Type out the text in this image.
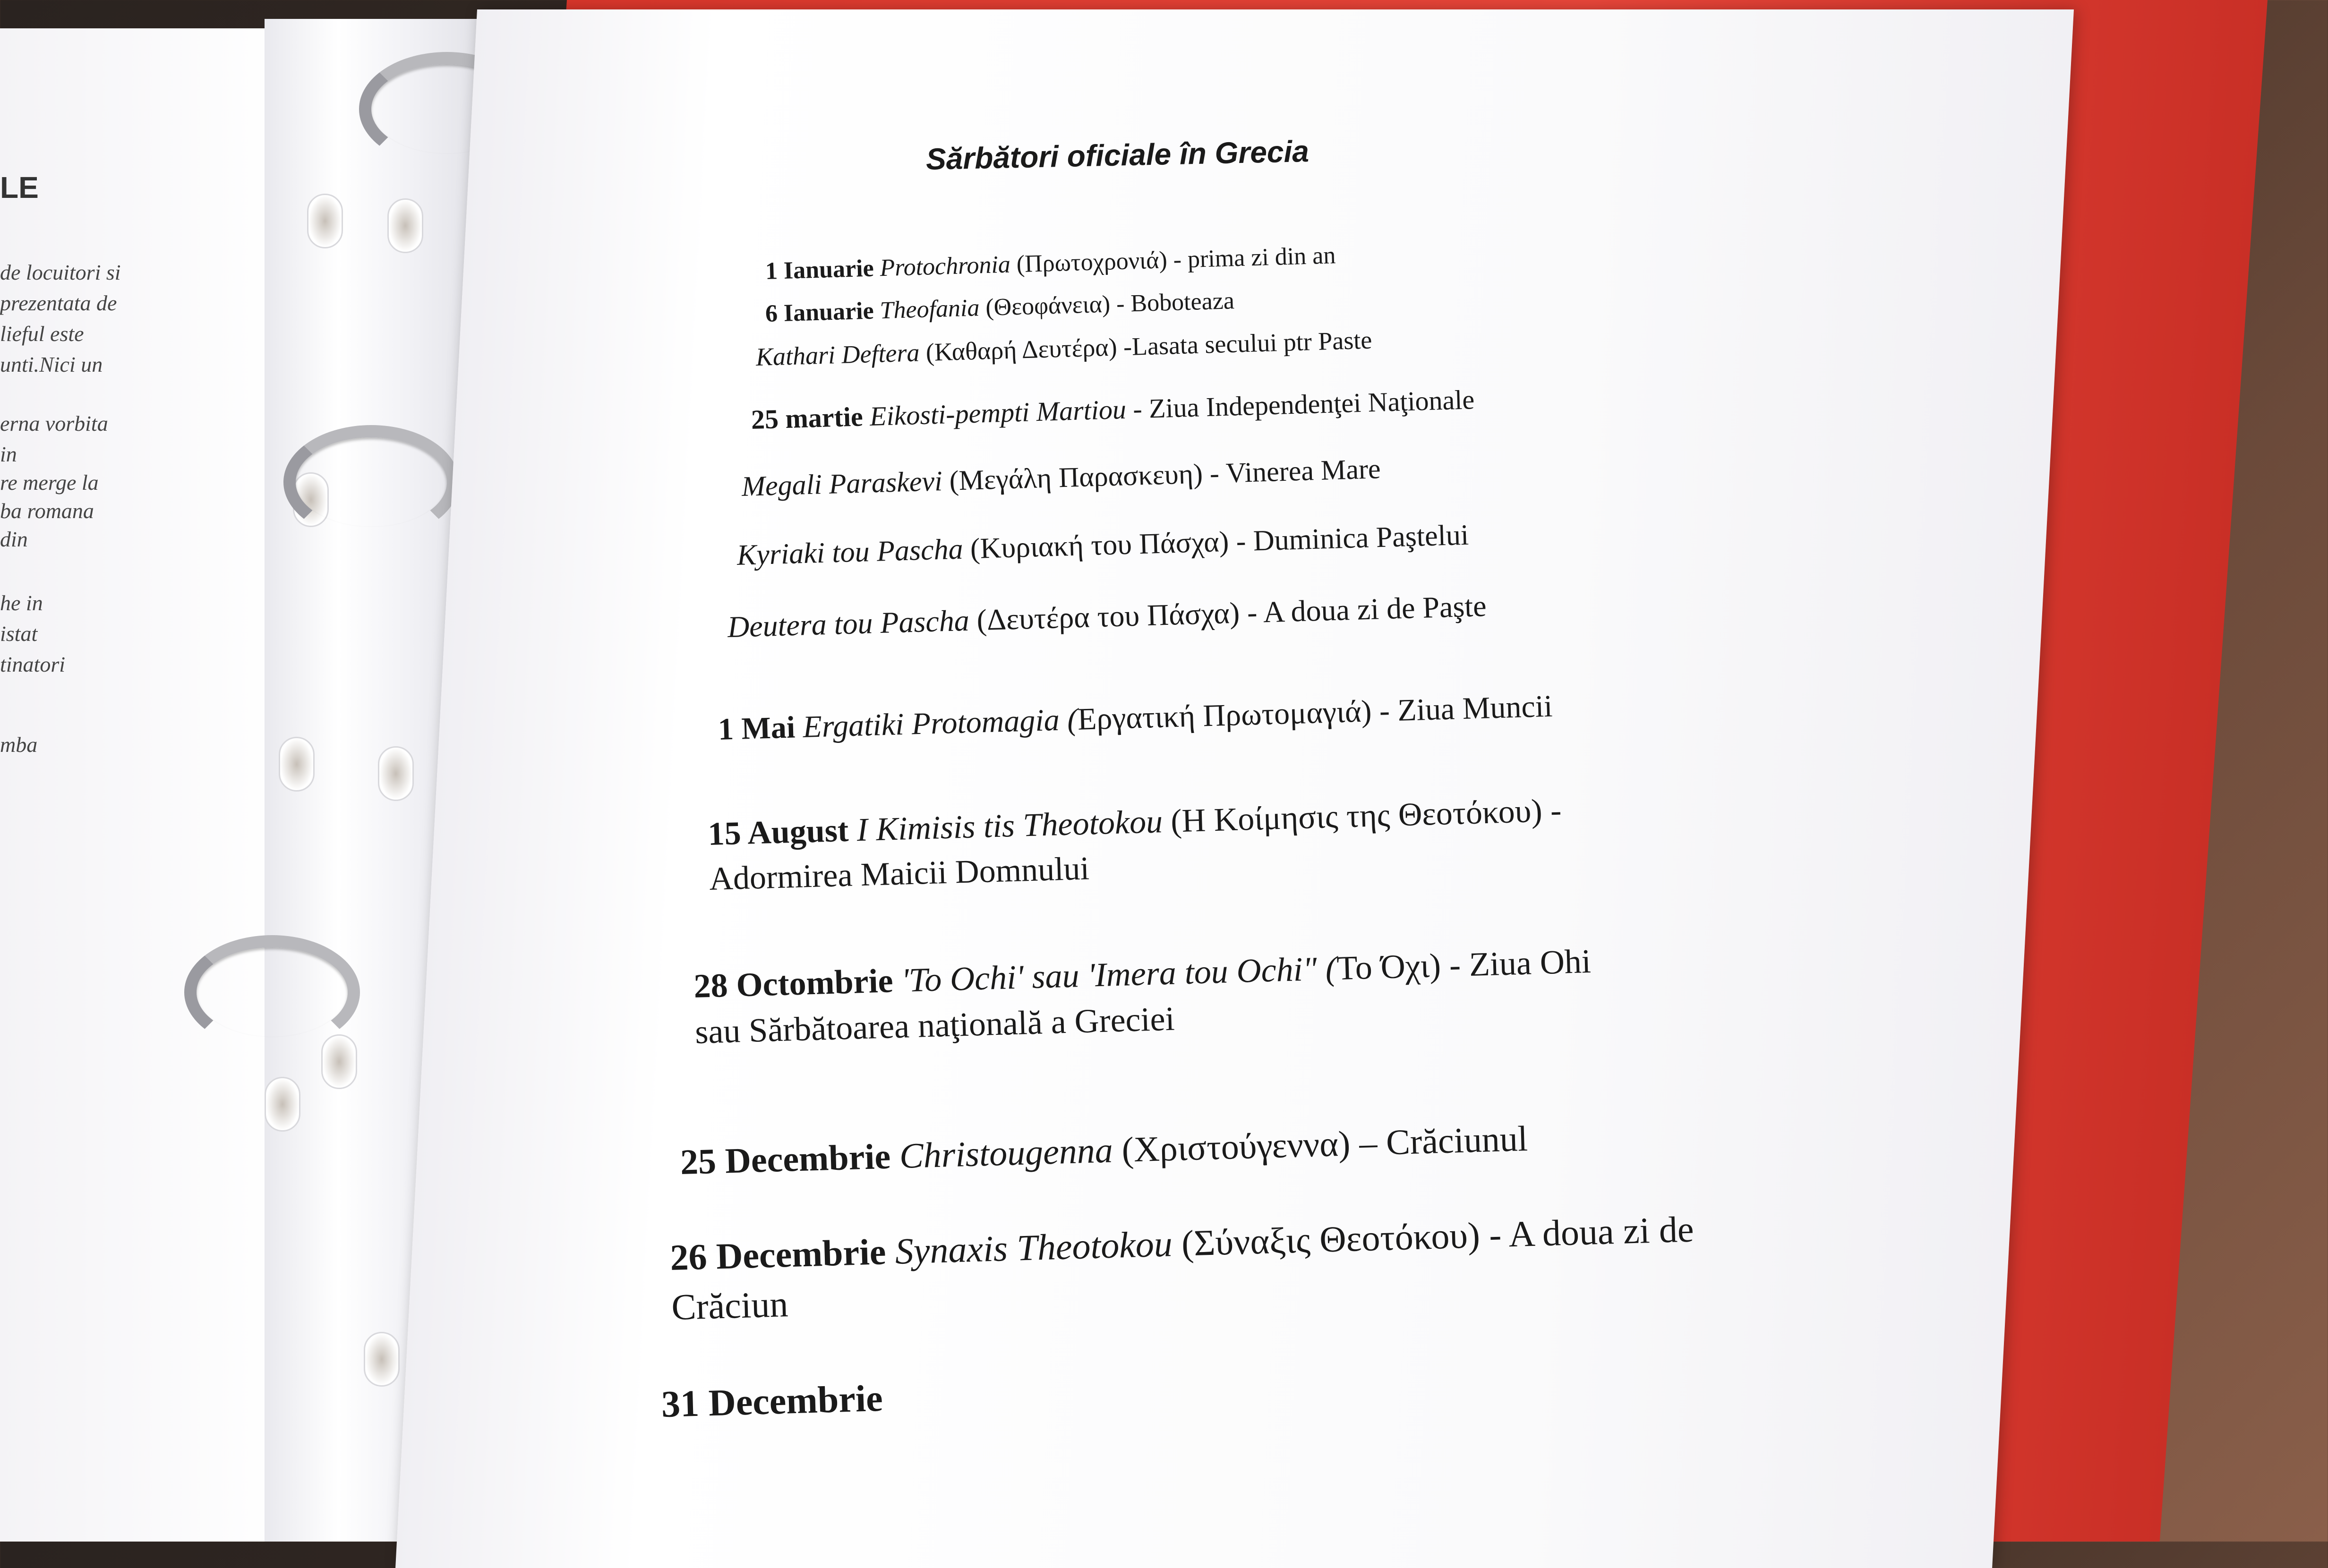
LE
de locuitori si
prezentata de
lieful este
unti.Nici un
erna vorbita
in
re merge la
ba romana
din
he in
istat
tinatori
mba
Sărbători oficiale în Grecia
1 Ianuarie Protochronia (Πρωτοχρονιά) - prima zi din an
6 Ianuarie Theofania (Θεοφάνεια) - Boboteaza
Kathari Deftera (Καθαρή Δευτέρα) -Lasata secului ptr Paste
25 martie Eikosti-pempti Martiou - Ziua Independenţei Naţionale
Megali Paraskevi (Μεγάλη Παρασκευη) - Vinerea Mare
Kyriaki tou Pascha (Κυριακή του Πάσχα) - Duminica Paştelui
Deutera tou Pascha (Δευτέρα του Πάσχα) - A doua zi de Paşte
1 Mai Ergatiki Protomagia (Εργατική Πρωτομαγιά) - Ziua Muncii
15 August I Kimisis tis Theotokou (Η Κοίμησις της Θεοτόκου) -
Adormirea Maicii Domnului
28 Octombrie 'To Ochi' sau 'Imera tou Ochi" (Το Όχι) - Ziua Ohi
sau Sărbătoarea naţională a Greciei
25 Decembrie Christougenna (Χριστούγεννα) – Crăciunul
26 Decembrie Synaxis Theotokou (Σύναξις Θεοτόκου) - A doua zi de
Crăciun
31 Decembrie
